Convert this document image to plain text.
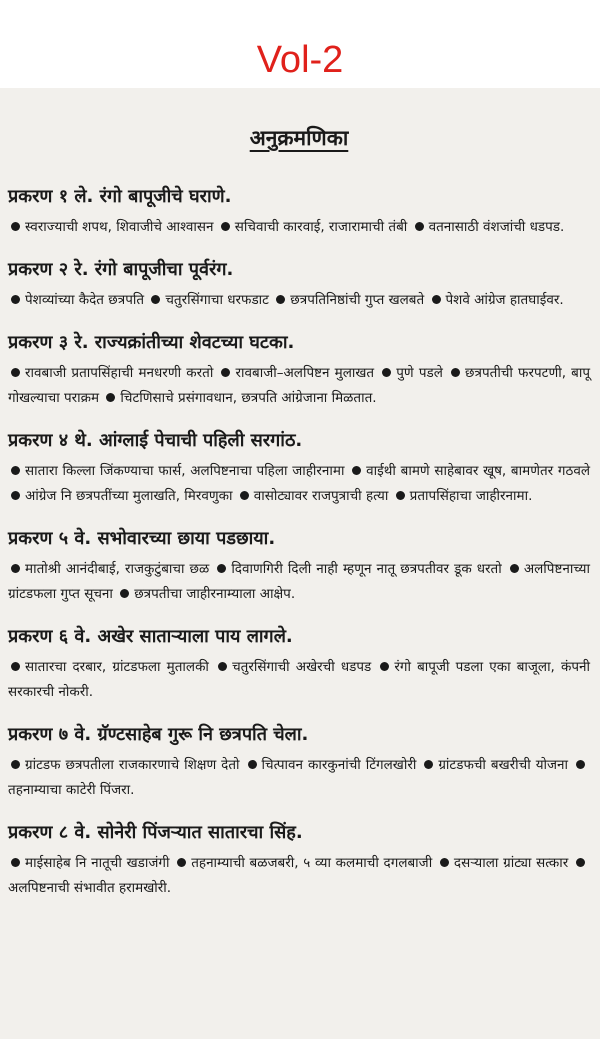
Vol-2
अनुक्रमणिका
प्रकरण १ ले. रंगो बापूजीचे घराणे.

स्वराज्याची शपथ, शिवाजीचे आश्वासन सचिवाची कारवाई, राजारामाची तंबी वतनासाठी वंशजांची धडपड.

प्रकरण २ रे. रंगो बापूजीचा पूर्वरंग.

पेशव्यांच्या कैदेत छत्रपति चतुरसिंगाचा धरफडाट छत्रपतिनिष्ठांची गुप्त खलबते पेशवे आंग्रेज हातघाईवर.

प्रकरण ३ रे. राज्यक्रांतीच्या शेवटच्या घटका.

रावबाजी प्रतापसिंहाची मनधरणी करतो रावबाजी–अलपिष्टन मुलाखत पुणे पडले छत्रपतीची फरपटणी, बापू गोखल्याचा पराक्रम चिटणिसाचे प्रसंगावधान, छत्रपति आंग्रेजाना मिळतात.

प्रकरण ४ थे. आंग्लाई पेचाची पहिली सरगांठ.

सातारा किल्ला जिंकण्याचा फार्स, अलपिष्टनाचा पहिला जाहीरनामा वाईथी बामणे साहेबावर खूष, बामणेतर गठवले आंग्रेज नि छत्रपतींच्या मुलाखति, मिरवणुका वासोट्यावर राजपुत्राची हत्या प्रतापसिंहाचा जाहीरनामा.

प्रकरण ५ वे. सभोवारच्या छाया पडछाया.

मातोश्री आनंदीबाई, राजकुटुंबाचा छळ दिवाणगिरी दिली नाही म्हणून नातू छत्रपतीवर डूक धरतो अलपिष्टनाच्या ग्रांटडफला गुप्त सूचना छत्रपतीचा जाहीरनाम्याला आक्षेप.

प्रकरण ६ वे. अखेर साताऱ्याला पाय लागले.

सातारचा दरबार, ग्रांटडफला मुतालकी चतुरसिंगाची अखेरची धडपड रंगो बापूजी पडला एका बाजूला, कंपनी सरकारची नोकरी.

प्रकरण ७ वे. ग्रॅण्टसाहेब गुरू नि छत्रपति चेला.

ग्रांटडफ छत्रपतीला राजकारणाचे शिक्षण देतो चित्पावन कारकुनांची टिंगलखोरी ग्रांटडफची बखरीची योजना तहनाम्याचा काटेरी पिंजरा.

प्रकरण ८ वे. सोनेरी पिंजऱ्यात सातारचा सिंह.

माईसाहेब नि नातूची खडाजंगी तहनाम्याची बळजबरी, ५ व्या कलमाची दगलबाजी दसऱ्याला ग्रांट्या सत्कार अलपिष्टनाची संभावीत हरामखोरी.
